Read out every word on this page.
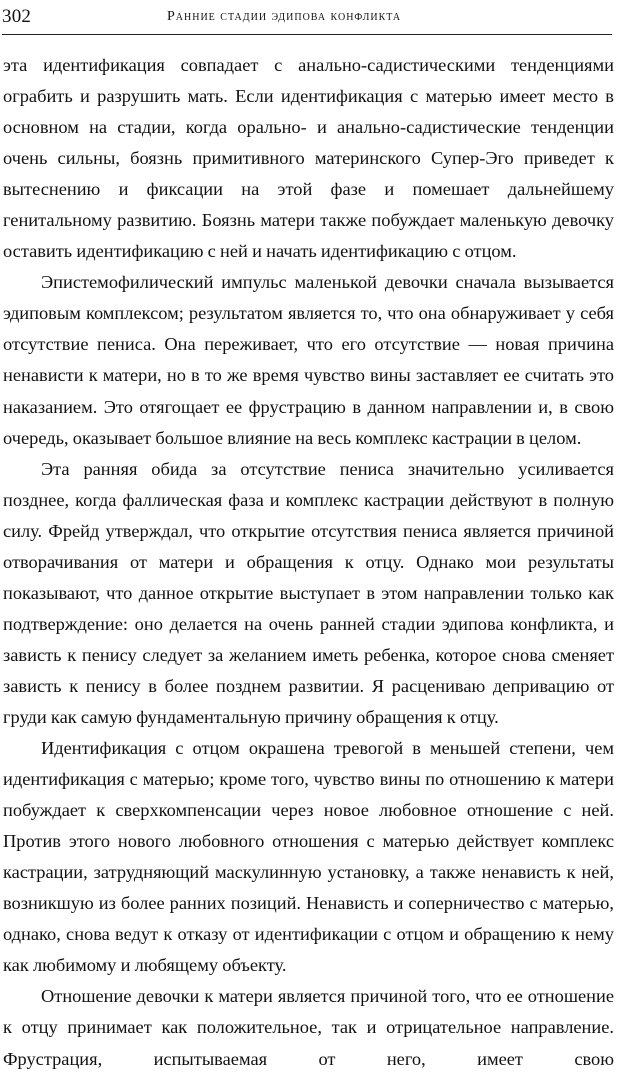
302	Ранние стадии эдипова конфликта

эта идентификация совпадает с анально-садистическими тенденциями ограбить и разрушить мать. Если идентификация с матерью имеет место в основном на стадии, когда орально- и анально-садистические тенденции очень сильны, боязнь примитивного материнского Супер-Эго приведет к вытеснению и фиксации на этой фазе и помешает дальнейшему генитальному развитию. Боязнь матери также побуждает маленькую девочку оставить идентификацию с ней и начать идентификацию с отцом.

Эпистемофилический импульс маленькой девочки сначала вызывается эдиповым комплексом; результатом является то, что она обнаруживает у себя отсутствие пениса. Она переживает, что его отсутствие — новая причина ненависти к матери, но в то же время чувство вины заставляет ее считать это наказанием. Это отягощает ее фрустрацию в данном направлении и, в свою очередь, оказывает большое влияние на весь комплекс кастрации в целом.

Эта ранняя обида за отсутствие пениса значительно усиливается позднее, когда фаллическая фаза и комплекс кастрации действуют в полную силу. Фрейд утверждал, что открытие отсутствия пениса является причиной отворачивания от матери и обращения к отцу. Однако мои результаты показывают, что данное открытие выступает в этом направлении только как подтверждение: оно делается на очень ранней стадии эдипова конфликта, и зависть к пенису следует за желанием иметь ребенка, которое снова сменяет зависть к пенису в более позднем развитии. Я расцениваю депривацию от груди как самую фундаментальную причину обращения к отцу.

Идентификация с отцом окрашена тревогой в меньшей степени, чем идентификация с матерью; кроме того, чувство вины по отношению к матери побуждает к сверхкомпенсации через новое любовное отношение с ней. Против этого нового любовного отношения с матерью действует комплекс кастрации, затрудняющий маскулинную установку, а также ненависть к ней, возникшую из более ранних позиций. Ненависть и соперничество с матерью, однако, снова ведут к отказу от идентификации с отцом и обращению к нему как любимому и любящему объекту.

Отношение девочки к матери является причиной того, что ее отношение к отцу принимает как положительное, так и отрицательное направление. Фрустрация, испытываемая от него, имеет свою
